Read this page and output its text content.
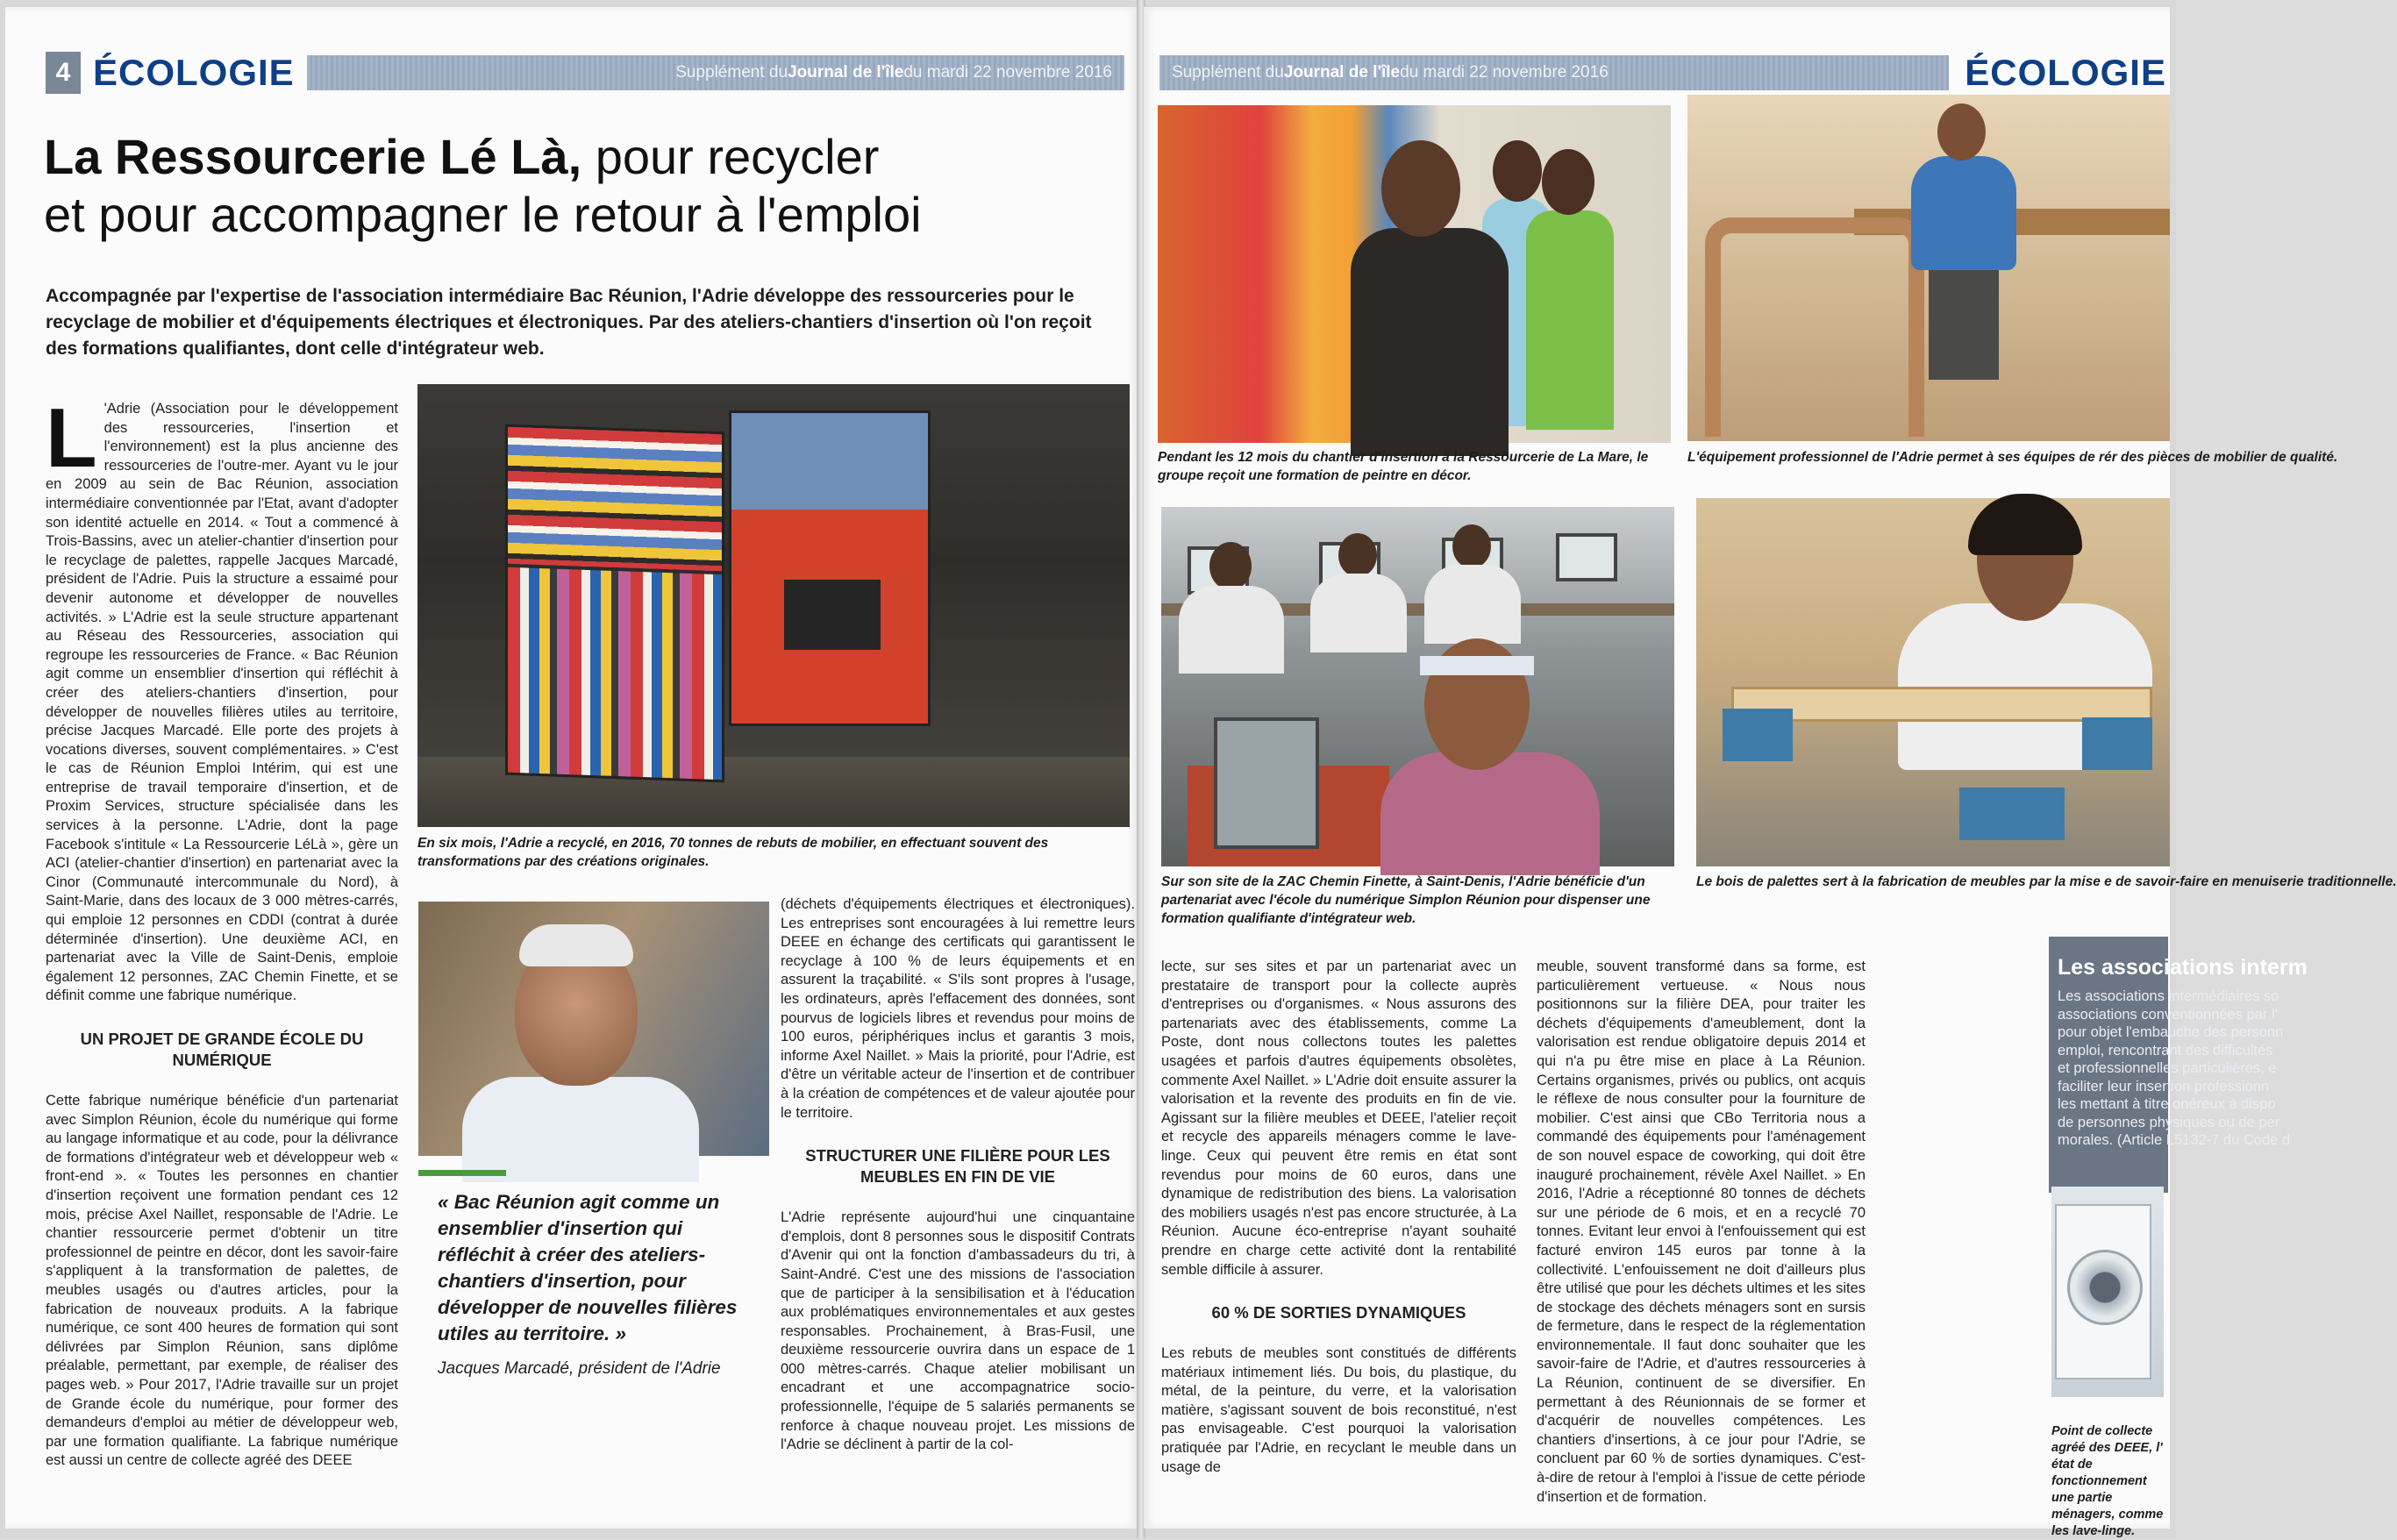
4 ÉCOLOGIE	Supplément du Journal de l'île du mardi 22 novembre 2016
La Ressourcerie Lé Là, pour recycler
et pour accompagner le retour à l'emploi
Accompagnée par l'expertise de l'association intermédiaire Bac Réunion, l'Adrie développe des ressourceries pour le recyclage de mobilier et d'équipements électriques et électroniques. Par des ateliers-chantiers d'insertion où l'on reçoit des formations qualifiantes, dont celle d'intégrateur web.
L 'Adrie (Association pour le développement des ressourceries, l'insertion et l'environnement) est la plus ancienne des ressourceries de l'outre-mer. Ayant vu le jour en 2009 au sein de Bac Réunion, association intermédiaire conventionnée par l'Etat, avant d'adopter son identité actuelle en 2014. « Tout a commencé à Trois-Bassins, avec un atelier-chantier d'insertion pour le recyclage de palettes, rappelle Jacques Marcadé, président de l'Adrie. Puis la structure a essaimé pour devenir autonome et développer de nouvelles activités. » L'Adrie est la seule structure appartenant au Réseau des Ressourceries, association qui regroupe les ressourceries de France. « Bac Réunion agit comme un ensemblier d'insertion qui réfléchit à créer des ateliers-chantiers d'insertion, pour développer de nouvelles filières utiles au territoire, précise Jacques Marcadé. Elle porte des projets à vocations diverses, souvent complémentaires. » C'est le cas de Réunion Emploi Intérim, qui est une entreprise de travail temporaire d'insertion, et de Proxim Services, structure spécialisée dans les services à la personne. L'Adrie, dont la page Facebook s'intitule « La Ressourcerie LéLà », gère un ACI (atelier-chantier d'insertion) en partenariat avec la Cinor (Communauté intercommunale du Nord), à Saint-Marie, dans des locaux de 3 000 mètres-carrés, qui emploie 12 personnes en CDDI (contrat à durée déterminée d'insertion). Une deuxième ACI, en partenariat avec la Ville de Saint-Denis, emploie également 12 personnes, ZAC Chemin Finette, et se définit comme une fabrique numérique.

UN PROJET DE GRANDE ÉCOLE DU NUMÉRIQUE

Cette fabrique numérique bénéficie d'un partenariat avec Simplon Réunion, école du numérique qui forme au langage informatique et au code, pour la délivrance de formations d'intégrateur web et développeur web « front-end ». « Toutes les personnes en chantier d'insertion reçoivent une formation pendant ces 12 mois, précise Axel Naillet, responsable de l'Adrie. Le chantier ressourcerie permet d'obtenir un titre professionnel de peintre en décor, dont les savoir-faire s'appliquent à la transformation de palettes, de meubles usagés ou d'autres articles, pour la fabrication de nouveaux produits. A la fabrique numérique, ce sont 400 heures de formation qui sont délivrées par Simplon Réunion, sans diplôme préalable, permettant, par exemple, de réaliser des pages web. » Pour 2017, l'Adrie travaille sur un projet de Grande école du numérique, pour former des demandeurs d'emploi au métier de développeur web, par une formation qualifiante. La fabrique numérique est aussi un centre de collecte agréé des DEEE

En six mois, l'Adrie a recyclé, en 2016, 70 tonnes de rebuts de mobilier, en effectuant souvent des transformations par des créations originales.
« Bac Réunion agit comme un ensemblier d'insertion qui réfléchit à créer des ateliers-chantiers d'insertion, pour développer de nouvelles filières utiles au territoire. »
Jacques Marcadé, président de l'Adrie

(déchets d'équipements électriques et électroniques). Les entreprises sont encouragées à lui remettre leurs DEEE en échange des certificats qui garantissent le recyclage à 100 % de leurs équipements et en assurent la traçabilité. « S'ils sont propres à l'usage, les ordinateurs, après l'effacement des données, sont pourvus de logiciels libres et revendus pour moins de 100 euros, périphériques inclus et garantis 3 mois, informe Axel Naillet. » Mais la priorité, pour l'Adrie, est d'être un véritable acteur de l'insertion et de contribuer à la création de compétences et de valeur ajoutée pour le territoire.

STRUCTURER UNE FILIÈRE POUR LES MEUBLES EN FIN DE VIE

L'Adrie représente aujourd'hui une cinquantaine d'emplois, dont 8 personnes sous le dispositif Contrats d'Avenir qui ont la fonction d'ambassadeurs du tri, à Saint-André. C'est une des missions de l'association que de participer à la sensibilisation et à l'éducation aux problématiques environnementales et aux gestes responsables. Prochainement, à Bras-Fusil, une deuxième ressourcerie ouvrira dans un espace de 1 000 mètres-carrés. Chaque atelier mobilisant un encadrant et une accompagnatrice socio-professionnelle, l'équipe de 5 salariés permanents se renforce à chaque nouveau projet. Les missions de l'Adrie se déclinent à partir de la col-

Supplément du Journal de l'île du mardi 22 novembre 2016	ÉCOLOGIE
Pendant les 12 mois du chantier d'insertion à la Ressourcerie de La Mare, le groupe reçoit une formation de peintre en décor.
L'équipement professionnel de l'Adrie permet à ses équipes de rér des pièces de mobilier de qualité.
Sur son site de la ZAC Chemin Finette, à Saint-Denis, l'Adrie bénéficie d'un partenariat avec l'école du numérique Simplon Réunion pour dispenser une formation qualifiante d'intégrateur web.
Le bois de palettes sert à la fabrication de meubles par la mise e de savoir-faire en menuiserie traditionnelle.

lecte, sur ses sites et par un partenariat avec un prestataire de transport pour la collecte auprès d'entreprises ou d'organismes. « Nous assurons des partenariats avec des établissements, comme La Poste, dont nous collectons toutes les palettes usagées et parfois d'autres équipements obsolètes, commente Axel Naillet. » L'Adrie doit ensuite assurer la valorisation et la revente des produits en fin de vie. Agissant sur la filière meubles et DEEE, l'atelier reçoit et recycle des appareils ménagers comme le lave-linge. Ceux qui peuvent être remis en état sont revendus pour moins de 60 euros, dans une dynamique de redistribution des biens. La valorisation des mobiliers usagés n'est pas encore structurée, à La Réunion. Aucune éco-entreprise n'ayant souhaité prendre en charge cette activité dont la rentabilité semble difficile à assurer.

60 % DE SORTIES DYNAMIQUES

Les rebuts de meubles sont constitués de différents matériaux intimement liés. Du bois, du plastique, du métal, de la peinture, du verre, et la valorisation matière, s'agissant souvent de bois reconstitué, n'est pas envisageable. C'est pourquoi la valorisation pratiquée par l'Adrie, en recyclant le meuble dans un usage de

meuble, souvent transformé dans sa forme, est particulièrement vertueuse. « Nous nous positionnons sur la filière DEA, pour traiter les déchets d'équipements d'ameublement, dont la valorisation est rendue obligatoire depuis 2014 et qui n'a pu être mise en place à La Réunion. Certains organismes, privés ou publics, ont acquis le réflexe de nous consulter pour la fourniture de mobilier. C'est ainsi que CBo Territoria nous a commandé des équipements pour l'aménagement de son nouvel espace de coworking, qui doit être inauguré prochainement, révèle Axel Naillet. » En 2016, l'Adrie a réceptionné 80 tonnes de déchets sur une période de 6 mois, et en a recyclé 70 tonnes. Evitant leur envoi à l'enfouissement qui est facturé environ 145 euros par tonne à la collectivité. L'enfouissement ne doit d'ailleurs plus être utilisé que pour les déchets ultimes et les sites de stockage des déchets ménagers sont en sursis de fermeture, dans le respect de la réglementation environnementale. Il faut donc souhaiter que les savoir-faire de l'Adrie, et d'autres ressourceries à La Réunion, continuent de se diversifier. En permettant à des Réunionnais de se former et d'acquérir de nouvelles compétences. Les chantiers d'insertions, à ce jour pour l'Adrie, se concluent par 60 % de sorties dynamiques. C'est-à-dire de retour à l'emploi à l'issue de cette période d'insertion et de formation.

Les associations interm
Les associations intermédiaires so
associations conventionnées par l'
pour objet l'embauche des personn
emploi, rencontrant des difficultés
et professionnelles particulières, e
faciliter leur insertion professionn
les mettant à titre onéreux à dispo
de personnes physiques ou de per
morales. (Article L5132-7 du Code d
Point de collecte agréé des DEEE, l' état de fonctionnement une partie ménagers, comme les lave-linge.
